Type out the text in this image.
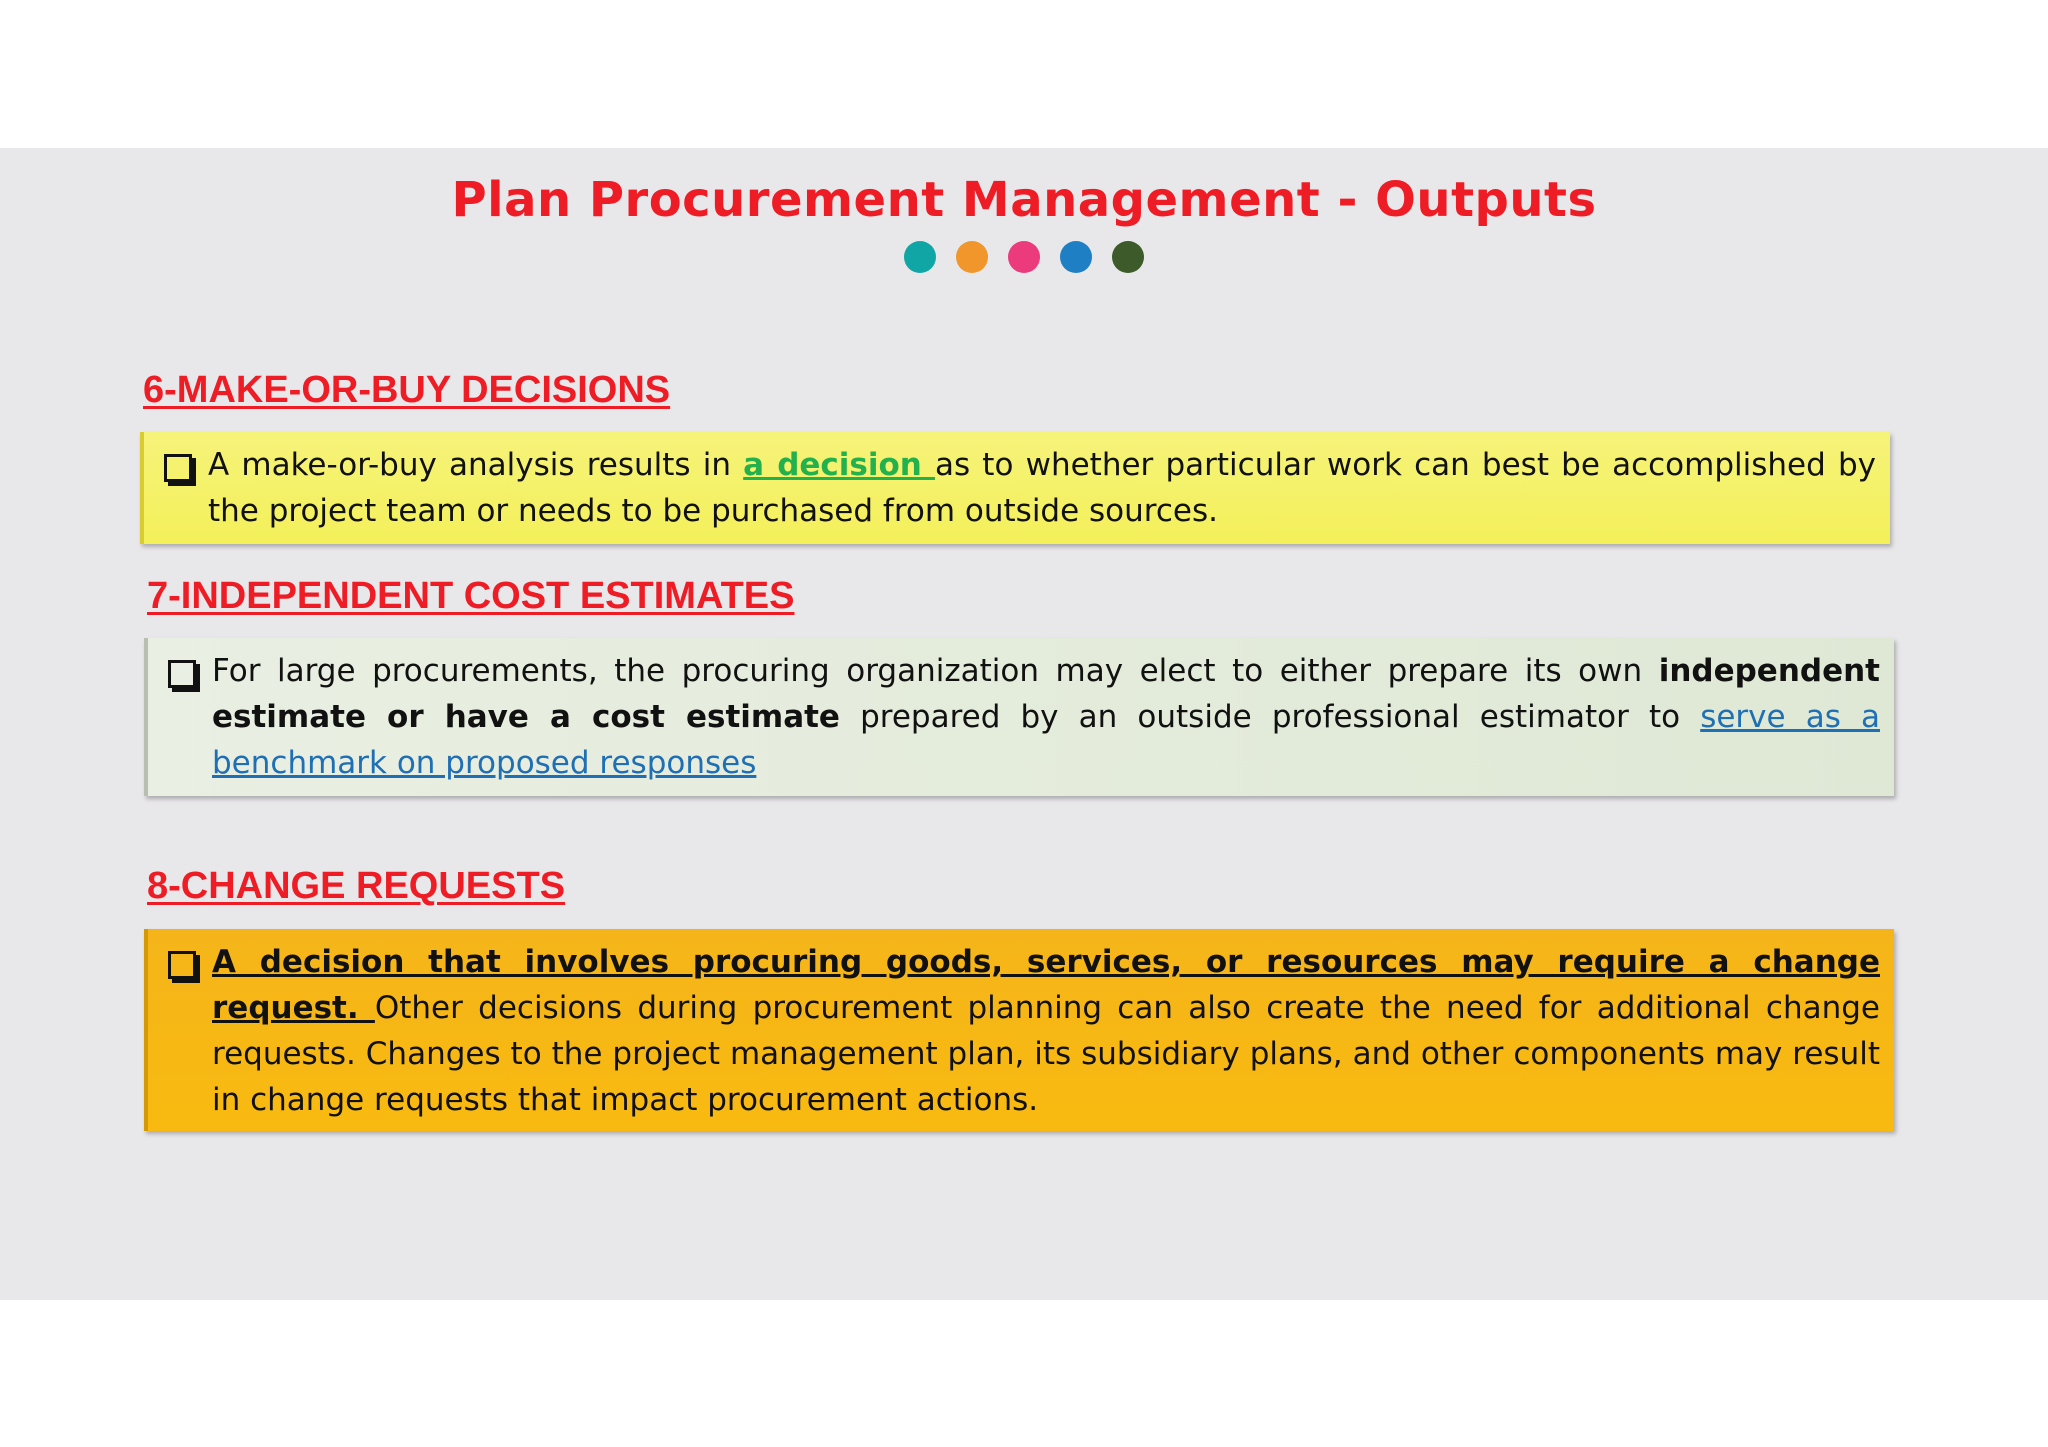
Plan Procurement Management - Outputs
6-MAKE-OR-BUY DECISIONS
A make-or-buy analysis results in a decision as to whether particular work can best be accomplished by the project team or needs to be purchased from outside sources.
7-INDEPENDENT COST ESTIMATES
For large procurements, the procuring organization may elect to either prepare its own independent estimate or have a cost estimate prepared by an outside professional estimator to serve as a benchmark on proposed responses
8-CHANGE REQUESTS
A decision that involves procuring goods, services, or resources may require a change request. Other decisions during procurement planning can also create the need for additional change requests. Changes to the project management plan, its subsidiary plans, and other components may result in change requests that impact procurement actions.
